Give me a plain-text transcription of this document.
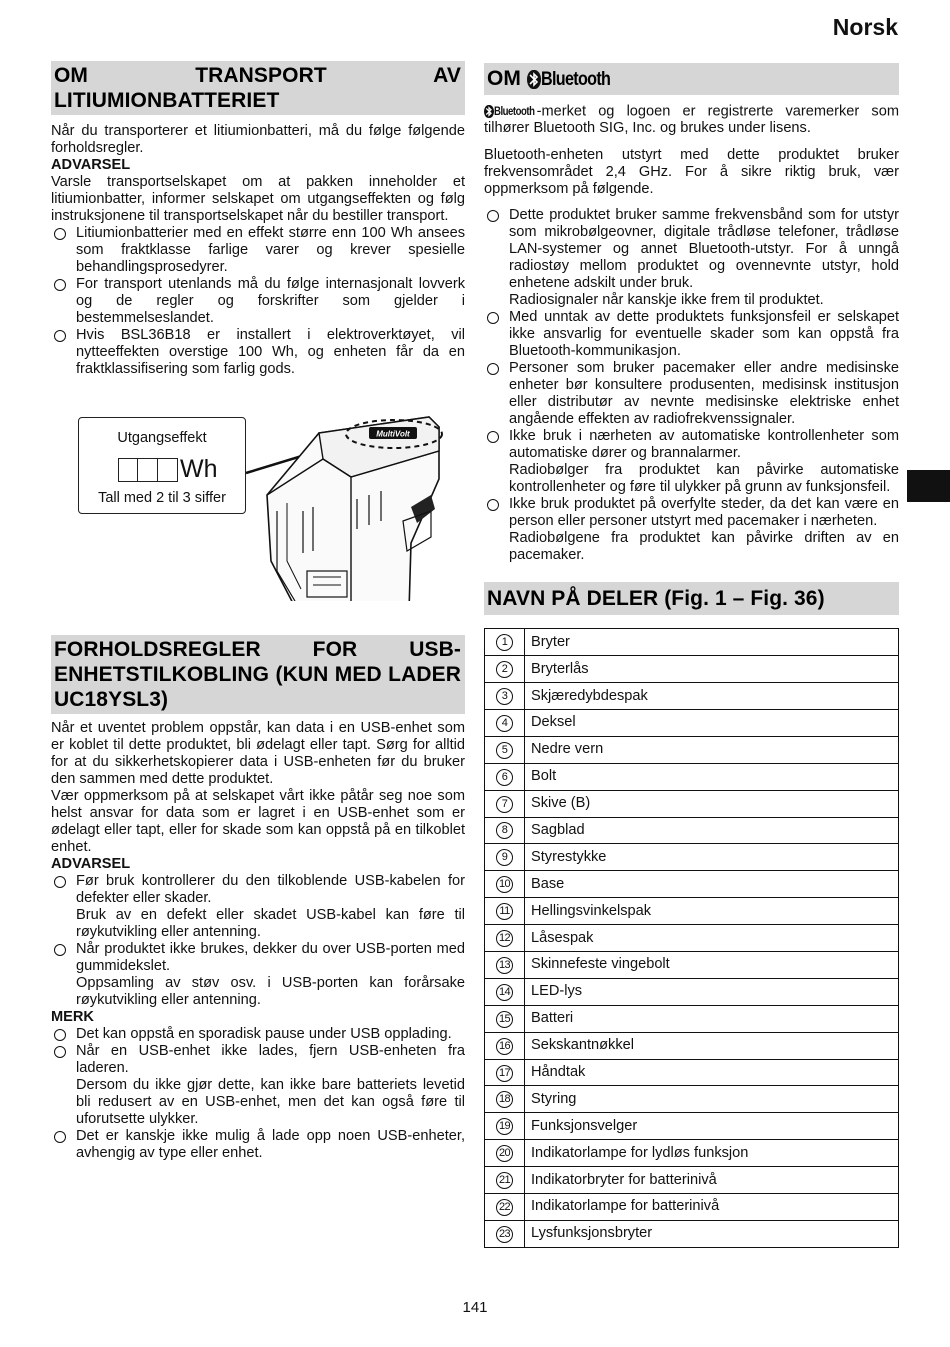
Norsk
OM TRANSPORT AV LITIUMIONBATTERIET

Når du transporterer et litiumionbatteri, må du følge følgende forholdsregler.

ADVARSEL

Varsle transportselskapet om at pakken inneholder et litiumionbatter, informer selskapet om utgangseffekten og følg instruksjonene til transportselskapet når du bestiller transport.

Litiumionbatterier med en effekt større enn 100 Wh ansees som fraktklasse farlige varer og krever spesielle behandlingsprosedyrer.
For transport utenlands må du følge internasjonalt lovverk og de regler og forskrifter som gjelder i bestemmelseslandet.
Hvis BSL36B18 er installert i elektroverktøyet, vil nytteeffekten overstige 100 Wh, og enheten får da en fraktklassifisering som farlig gods.
MultiVolt
Utgangseffekt
Wh
Tall med 2 til 3 siffer
FORHOLDSREGLER FOR USB-ENHETSTILKOBLING (KUN MED LADER UC18YSL3)

Når et uventet problem oppstår, kan data i en USB-enhet som er koblet til dette produktet, bli ødelagt eller tapt. Sørg for alltid for at du sikkerhetskopierer data i USB-enheten før du bruker den sammen med dette produktet.

Vær oppmerksom på at selskapet vårt ikke påtår seg noe som helst ansvar for data som er lagret i en USB-enhet som er ødelagt eller tapt, eller for skade som kan oppstå på en tilkoblet enhet.

ADVARSEL

Før bruk kontrollerer du den tilkoblende USB-kabelen for defekter eller skader.

Bruk av en defekt eller skadet USB-kabel kan føre til røykutvikling eller antenning.

Når produktet ikke brukes, dekker du over USB-porten med gummidekslet.

Oppsamling av støv osv. i USB-porten kan forårsake røykutvikling eller antenning.

MERK

Det kan oppstå en sporadisk pause under USB opplading.

Når en USB-enhet ikke lades, fjern USB-enheten fra laderen.

Dersom du ikke gjør dette, kan ikke bare batteriets levetid bli redusert av en USB-enhet, men det kan også føre til uforutsette ulykker.

Det er kanskje ikke mulig å lade opp noen USB-enheter, avhengig av type eller enhet.

OM Bluetooth

Bluetooth -merket og logoen er registrerte varemerker som tilhører Bluetooth SIG, Inc. og brukes under lisens.

Bluetooth-enheten utstyrt med dette produktet bruker frekvensområdet 2,4 GHz. For å sikre riktig bruk, vær oppmerksom på følgende.

Dette produktet bruker samme frekvensbånd som for utstyr som mikrobølgeovner, digitale trådløse telefoner, trådløse LAN-systemer og annet Bluetooth-utstyr. For å unngå radiostøy mellom produktet og ovennevnte utstyr, hold enhetene adskilt under bruk.

Radiosignaler når kanskje ikke frem til produktet.

Med unntak av dette produktets funksjonsfeil er selskapet ikke ansvarlig for eventuelle skader som kan oppstå fra Bluetooth-kommunikasjon.

Personer som bruker pacemaker eller andre medisinske enheter bør konsultere produsenten, medisinsk institusjon eller distributør av nevnte medisinske elektriske enhet angående effekten av radiofrekvenssignaler.

Ikke bruk i nærheten av automatiske kontrollenheter som automatiske dører og brannalarmer.

Radiobølger fra produktet kan påvirke automatiske kontrollenheter og føre til ulykker på grunn av funksjonsfeil.

Ikke bruk produktet på overfylte steder, da det kan være en person eller personer utstyrt med pacemaker i nærheten.

Radiobølgene fra produktet kan påvirke driften av en pacemaker.

NAVN PÅ DELER (Fig. 1 – Fig. 36)
1	Bryter
2	Bryterlås
3	Skjæredybdespak
4	Deksel
5	Nedre vern
6	Bolt
7	Skive (B)
8	Sagblad
9	Styrestykke
10	Base
11	Hellingsvinkelspak
12	Låsespak
13	Skinnefeste vingebolt
14	LED-lys
15	Batteri
16	Sekskantnøkkel
17	Håndtak
18	Styring
19	Funksjonsvelger
20	Indikatorlampe for lydløs funksjon
21	Indikatorbryter for batterinivå
22	Indikatorlampe for batterinivå
23	Lysfunksjonsbryter
141
